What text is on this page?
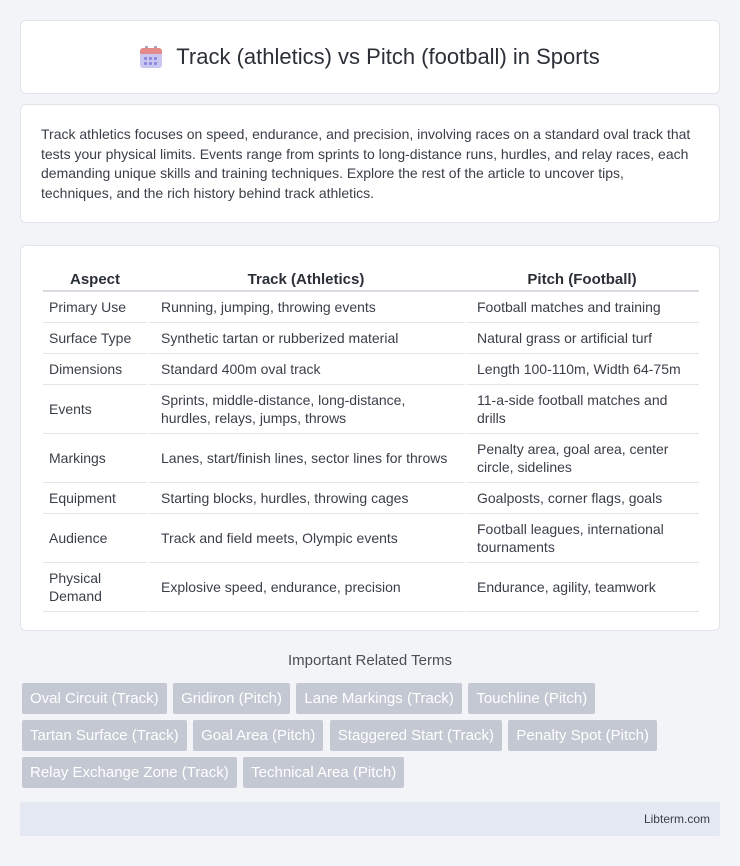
Track (athletics) vs Pitch (football) in Sports

Track athletics focuses on speed, endurance, and precision, involving races on a standard oval track that tests your physical limits. Events range from sprints to long-distance runs, hurdles, and relay races, each demanding unique skills and training techniques. Explore the rest of the article to uncover tips, techniques, and the rich history behind track athletics.

Aspect	Track (Athletics)	Pitch (Football)
Primary Use	Running, jumping, throwing events	Football matches and training
Surface Type	Synthetic tartan or rubberized material	Natural grass or artificial turf
Dimensions	Standard 400m oval track	Length 100-110m, Width 64-75m
Events	Sprints, middle-distance, long-distance, hurdles, relays, jumps, throws	11-a-side football matches and drills
Markings	Lanes, start/finish lines, sector lines for throws	Penalty area, goal area, center circle, sidelines
Equipment	Starting blocks, hurdles, throwing cages	Goalposts, corner flags, goals
Audience	Track and field meets, Olympic events	Football leagues, international tournaments
Physical Demand	Explosive speed, endurance, precision	Endurance, agility, teamwork
Important Related Terms
Oval Circuit (Track) Gridiron (Pitch) Lane Markings (Track) Touchline (Pitch) Tartan Surface (Track) Goal Area (Pitch) Staggered Start (Track) Penalty Spot (Pitch) Relay Exchange Zone (Track) Technical Area (Pitch)
Libterm.com
